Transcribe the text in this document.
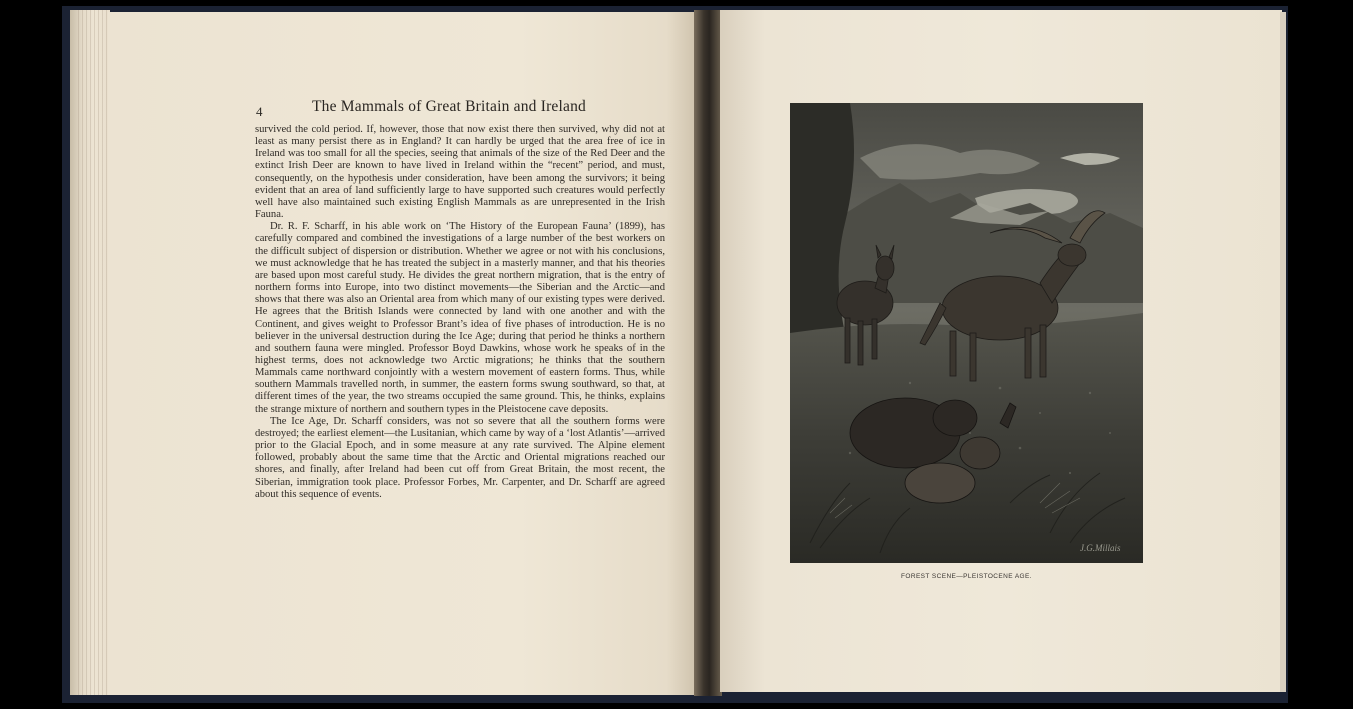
4	The Mammals of Great Britain and Ireland

survived the cold period. If, however, those that now exist there then survived, why did not at least as many persist there as in England? It can hardly be urged that the area free of ice in Ireland was too small for all the species, seeing that animals of the size of the Red Deer and the extinct Irish Deer are known to have lived in Ireland within the “recent” period, and must, consequently, on the hypothesis under consideration, have been among the survivors; it being evident that an area of land sufficiently large to have supported such creatures would perfectly well have also maintained such existing English Mammals as are unrepresented in the Irish Fauna.

Dr. R. F. Scharff, in his able work on ‘The History of the European Fauna’ (1899), has carefully compared and combined the investigations of a large number of the best workers on the difficult subject of dispersion or distribution. Whether we agree or not with his conclusions, we must acknowledge that he has treated the subject in a masterly manner, and that his theories are based upon most careful study. He divides the great northern migration, that is the entry of northern forms into Europe, into two distinct movements—the Siberian and the Arctic—and shows that there was also an Oriental area from which many of our existing types were derived. He agrees that the British Islands were connected by land with one another and with the Continent, and gives weight to Professor Brant’s idea of five phases of introduction. He is no believer in the universal destruction during the Ice Age; during that period he thinks a northern and southern fauna were mingled. Professor Boyd Dawkins, whose work he speaks of in the highest terms, does not acknowledge two Arctic migrations; he thinks that the southern Mammals came northward conjointly with a western movement of eastern forms. Thus, while southern Mammals travelled north, in summer, the eastern forms swung southward, so that, at different times of the year, the two streams occupied the same ground. This, he thinks, explains the strange mixture of northern and southern types in the Pleistocene cave deposits.

The Ice Age, Dr. Scharff considers, was not so severe that all the southern forms were destroyed; the earliest element—the Lusitanian, which came by way of a ‘lost Atlantis’—arrived prior to the Glacial Epoch, and in some measure at any rate survived. The Alpine element followed, probably about the same time that the Arctic and Oriental migrations reached our shores, and finally, after Ireland had been cut off from Great Britain, the most recent, the Siberian, immigration took place. Professor Forbes, Mr. Carpenter, and Dr. Scharff are agreed about this sequence of events.

J.G.Millais
FOREST SCENE—PLEISTOCENE AGE.
